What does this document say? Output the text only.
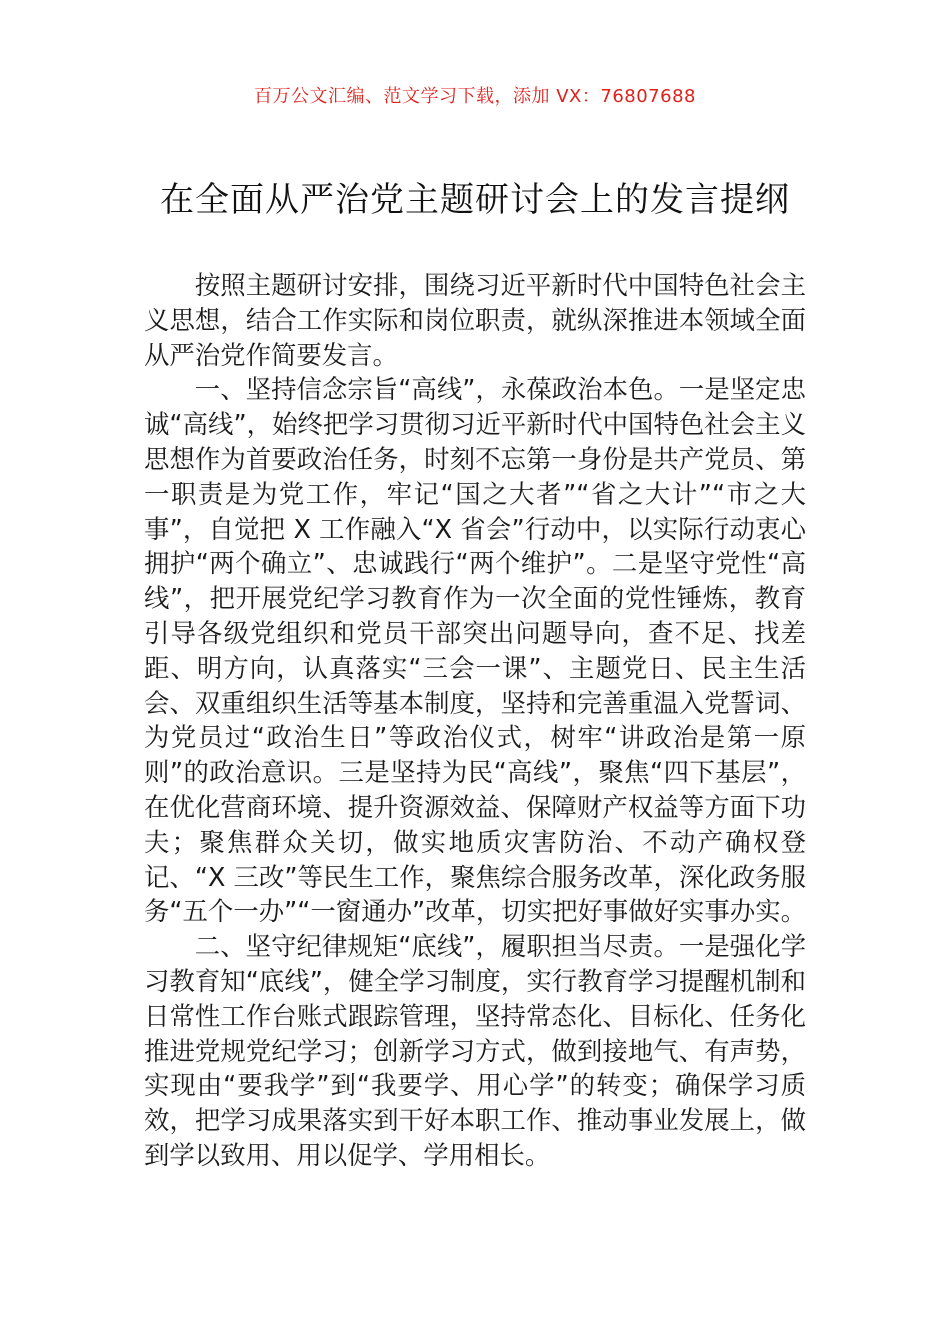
百万公文汇编、范文学习下载，添加 VX：76807688
在全面从严治党主题研讨会上的发言提纲

按照主题研讨安排，围绕习近平新时代中国特色社会主义思想，结合工作实际和岗位职责，就纵深推进本领域全面从严治党作简要发言。

一、坚持信念宗旨“高线”，永葆政治本色。一是坚定忠诚“高线”，始终把学习贯彻习近平新时代中国特色社会主义思想作为首要政治任务，时刻不忘第一身份是共产党员、第一职责是为党工作，牢记“国之大者”“省之大计”“市之大事”，自觉把 X 工作融入“X 省会”行动中，以实际行动衷心拥护“两个确立”、忠诚践行“两个维护”。二是坚守党性“高线”，把开展党纪学习教育作为一次全面的党性锤炼，教育引导各级党组织和党员干部突出问题导向，查不足、找差距、明方向，认真落实“三会一课”、主题党日、民主生活会、双重组织生活等基本制度，坚持和完善重温入党誓词、为党员过“政治生日”等政治仪式，树牢“讲政治是第一原则”的政治意识。三是坚持为民“高线”，聚焦“四下基层”，在优化营商环境、提升资源效益、保障财产权益等方面下功夫；聚焦群众关切，做实地质灾害防治、不动产确权登记、“X 三改”等民生工作，聚焦综合服务改革，深化政务服务“五个一办”“一窗通办”改革，切实把好事做好实事办实。

二、坚守纪律规矩“底线”，履职担当尽责。一是强化学习教育知“底线”，健全学习制度，实行教育学习提醒机制和日常性工作台账式跟踪管理，坚持常态化、目标化、任务化推进党规党纪学习；创新学习方式，做到接地气、有声势，实现由“要我学”到“我要学、用心学”的转变；确保学习质效，把学习成果落实到干好本职工作、推动事业发展上，做到学以致用、用以促学、学用相长。
